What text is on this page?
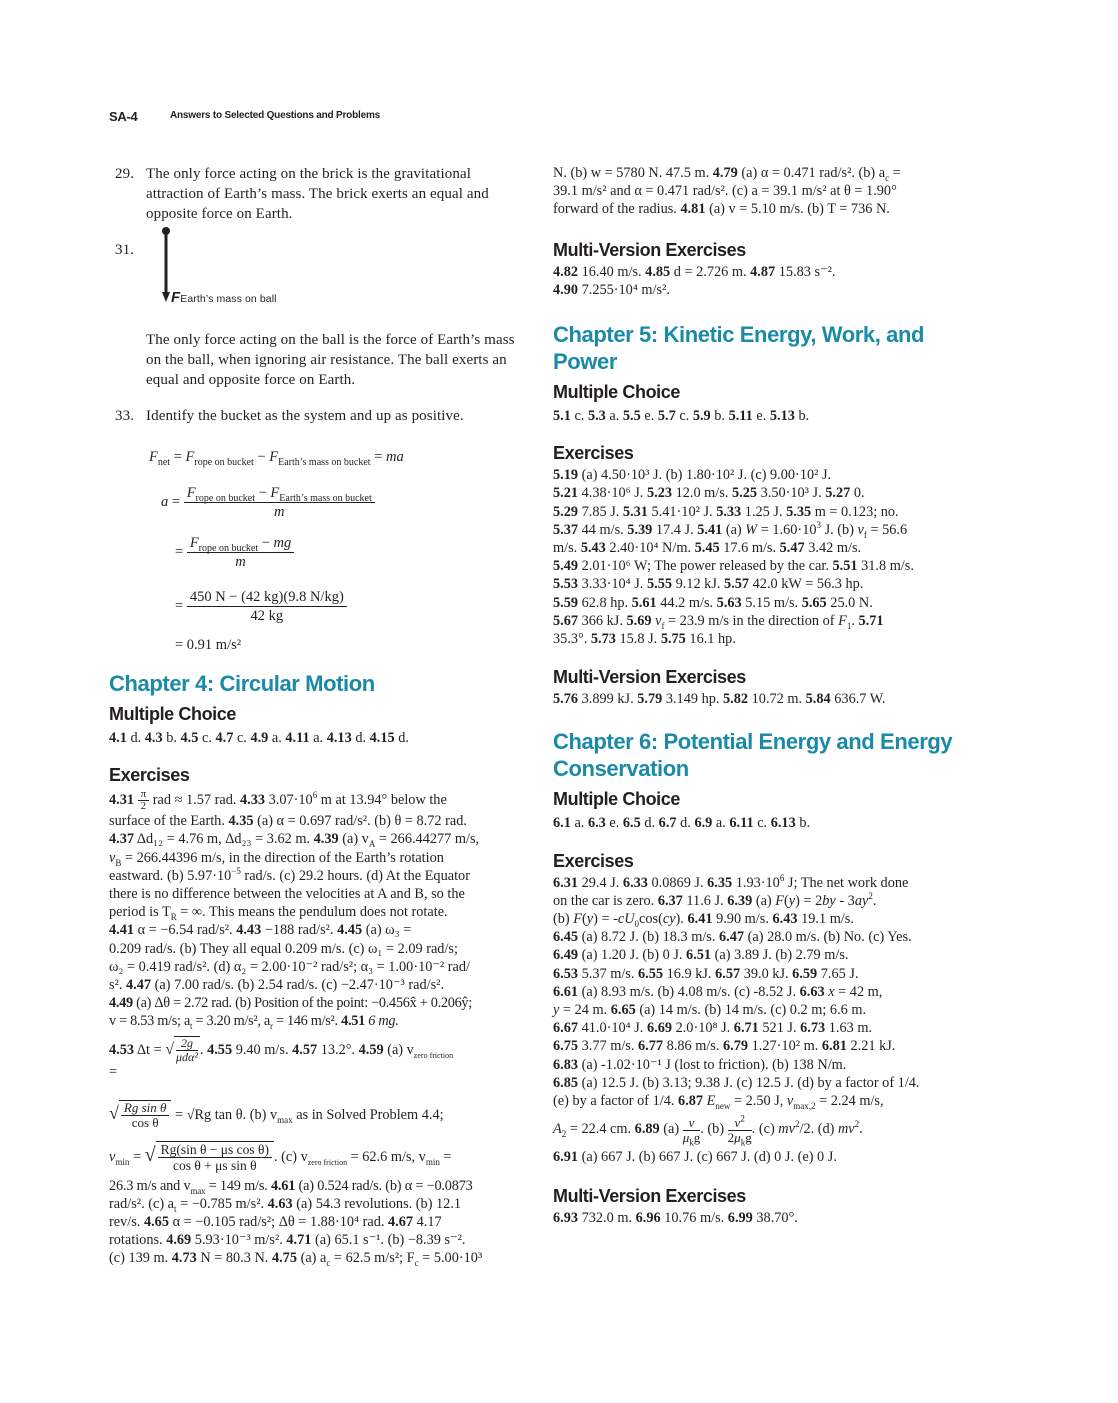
SA-4	Answers to Selected Questions and Problems
29. The only force acting on the brick is the gravitational attraction of Earth’s mass. The brick exerts an equal and opposite force on Earth.

31.
FEarth’s mass on ball

The only force acting on the ball is the force of Earth’s mass on the ball, when ignoring air resistance. The ball exerts an equal and opposite force on Earth.

33. Identify the bucket as the system and up as positive.

$F_{net} = F_{rope on bucket} - F_{Earth’s mass on bucket}$ = ma
$a = \frac{F_{rope on bucket} - F_{Earth’s mass on bucket}}{m}$
= $\frac{F_{rope on bucket} - mg}{m}$
= $\frac{450 N - (42 kg)(9.8 N/kg)}{42 kg}$
= 0.91 m/s²
Chapter 4: Circular Motion
Multiple Choice

4.1 d. 4.3 b. 4.5 c. 4.7 c. 4.9 a. 4.11 a. 4.13 d. 4.15 d.

Exercises
$4.31 \frac{\pi}{2}$ rad ≈ 1.57 rad. 4.33 $3.07\cdot 10^6$ m at 13.94° below the
surface of the Earth. 4.35 (a) α = 0.697 rad/s². (b) θ = 8.72 rad.
4.37 Δd₁₂ = 4.76 m, Δd₂₃ = 3.62 m. 4.39 (a) $v_A = 266.44277$ m/s,
$v_B = 266.44396$ m/s, in the direction of the Earth’s rotation
eastward. (b) $5.97\cdot 10^{-5}$ rad/s. (c) 29.2 hours. (d) At the Equator
there is no difference between the velocities at A and B, so the
period is $T_R$ = ∞. This means the pendulum does not rotate.
4.41 α = −6.54 rad/s². 4.43 −188 rad/s². 4.45 (a) ω₃ =
0.209 rad/s. (b) They all equal 0.209 m/s. (c) ω₁ = 2.09 rad/s;
ω₂ = 0.419 rad/s². (d) α₂ = 2.00·10⁻² rad/s²; α₃ = 1.00·10⁻² rad/
s². 4.47 (a) 7.00 rad/s. (b) 2.54 rad/s. (c) −2.47·10⁻³ rad/s².
4.49 (a) Δθ = 2.72 rad. (b) Position of the point: −0.456x̂ + 0.206ŷ;
v = 8.53 m/s; $a_t = 3.20$ m/s², $a_r = 146$ m/s². 4.51 6 mg.
4.53 Δt = √ $\frac{2g}{\text{μdα²}}$ . 4.55 9.40 m/s. 4.57 13.2°. 4.59 (a) $v_{zero friction}$
=
√ $\frac{\text{Rg sin θ}}{\text{cos θ}} = √Rg$ tan θ. (b) $v_{max}$ as in Solved Problem 4.4;
$v_{min}$ = √ $\frac{\text{Rg(sin θ − μs cos θ)}}{\text{cos θ + μs sin θ}}$ . (c) $v_{zero friction} = 62.6$ m/s, $v_{min}$ =
26.3 m/s and $v_{max} = 149$ m/s. 4.61 (a) 0.524 rad/s. (b) α = −0.0873
rad/s². (c) $a_t = -0.785$ m/s². 4.63 (a) 54.3 revolutions. (b) 12.1
rev/s. 4.65 α = −0.105 rad/s²; Δθ = 1.88·10⁴ rad. 4.67 4.17
rotations. 4.69 5.93·10⁻³ m/s². 4.71 (a) 65.1 s⁻¹. (b) −8.39 s⁻².
(c) 139 m. 4.73 N = 80.3 N. 4.75 (a) $a_c = 62.5$ m/s²; $F_c = 5.00\cdot 10^3$
N. (b) w = 5780 N. 47.5 m. 4.79 (a) α = 0.471 rad/s². (b) $a_c$ =
39.1 m/s² and α = 0.471 rad/s². (c) a = 39.1 m/s² at θ = 1.90°
forward of the radius. 4.81 (a) v = 5.10 m/s. (b) T = 736 N.
Multi-Version Exercises

4.82 16.40 m/s. 4.85 d = 2.726 m. 4.87 15.83 s⁻².
4.90 7.255·10⁴ m/s².

Chapter 5: Kinetic Energy, Work, and
Power
Multiple Choice

5.1 c. 5.3 a. 5.5 e. 5.7 c. 5.9 b. 5.11 e. 5.13 b.

Exercises
5.19 (a) 4.50·10³ J. (b) 1.80·10² J. (c) 9.00·10² J.
5.21 4.38·10⁶ J. 5.23 12.0 m/s. 5.25 3.50·10³ J. 5.27 0.
5.29 7.85 J. 5.31 5.41·10² J. 5.33 1.25 J. 5.35 m = 0.123; no.
5.37 44 m/s. 5.39 17.4 J. 5.41 (a) $W = 1.60\cdot 10^3$ J. (b) $v_f = 56.6$
m/s. 5.43 2.40·10⁴ N/m. 5.45 17.6 m/s. 5.47 3.42 m/s.
5.49 2.01·10⁶ W; The power released by the car. 5.51 31.8 m/s.
5.53 3.33·10⁴ J. 5.55 9.12 kJ. 5.57 42.0 kW = 56.3 hp.
5.59 62.8 hp. 5.61 44.2 m/s. 5.63 5.15 m/s. 5.65 25.0 N.
5.67 366 kJ. 5.69 $v_f = 23.9$ m/s in the direction of $F_1$. 5.71
35.3°. 5.73 15.8 J. 5.75 16.1 hp.
Multi-Version Exercises

5.76 3.899 kJ. 5.79 3.149 hp. 5.82 10.72 m. 5.84 636.7 W.

Chapter 6: Potential Energy and Energy
Conservation
Multiple Choice

6.1 a. 6.3 e. 6.5 d. 6.7 d. 6.9 a. 6.11 c. 6.13 b.

Exercises
6.31 29.4 J. 6.33 0.0869 J. 6.35 $1.93\cdot 10^6$ J; The net work done
on the car is zero. 6.37 11.6 J. 6.39 (a) $F(y) = 2by - 3ay^2$.
(b) $F(y) = -cU_0\cos(cy)$. 6.41 9.90 m/s. 6.43 19.1 m/s.
6.45 (a) 8.72 J. (b) 18.3 m/s. 6.47 (a) 28.0 m/s. (b) No. (c) Yes.
6.49 (a) 1.20 J. (b) 0 J. 6.51 (a) 3.89 J. (b) 2.79 m/s.
6.53 5.37 m/s. 6.55 16.9 kJ. 6.57 39.0 kJ. 6.59 7.65 J.
6.61 (a) 8.93 m/s. (b) 4.08 m/s. (c) -8.52 J. 6.63 x = 42 m,
y = 24 m. 6.65 (a) 14 m/s. (b) 14 m/s. (c) 0.2 m; 6.6 m.
6.67 41.0·10⁴ J. 6.69 2.0·10⁸ J. 6.71 521 J. 6.73 1.63 m.
6.75 3.77 m/s. 6.77 8.86 m/s. 6.79 1.27·10² m. 6.81 2.21 kJ.
6.83 (a) -1.02·10⁻¹ J (lost to friction). (b) 138 N/m.
6.85 (a) 12.5 J. (b) 3.13; 9.38 J. (c) 12.5 J. (d) by a factor of 1/4.
(e) by a factor of 1/4. 6.87 $E_{new} = 2.50$ J, $v_{max,2} = 2.24$ m/s,
$A_2 = 22.4$ cm. 6.89 $(a) \frac{v}{\mu_kg}$ . $(b) \frac{v^2}{2\mu_kg}$ . (c) $mv^2/2$. (d) $mv^2$.
6.91 (a) 667 J. (b) 667 J. (c) 667 J. (d) 0 J. (e) 0 J.
Multi-Version Exercises

6.93 732.0 m. 6.96 10.76 m/s. 6.99 38.70°.
